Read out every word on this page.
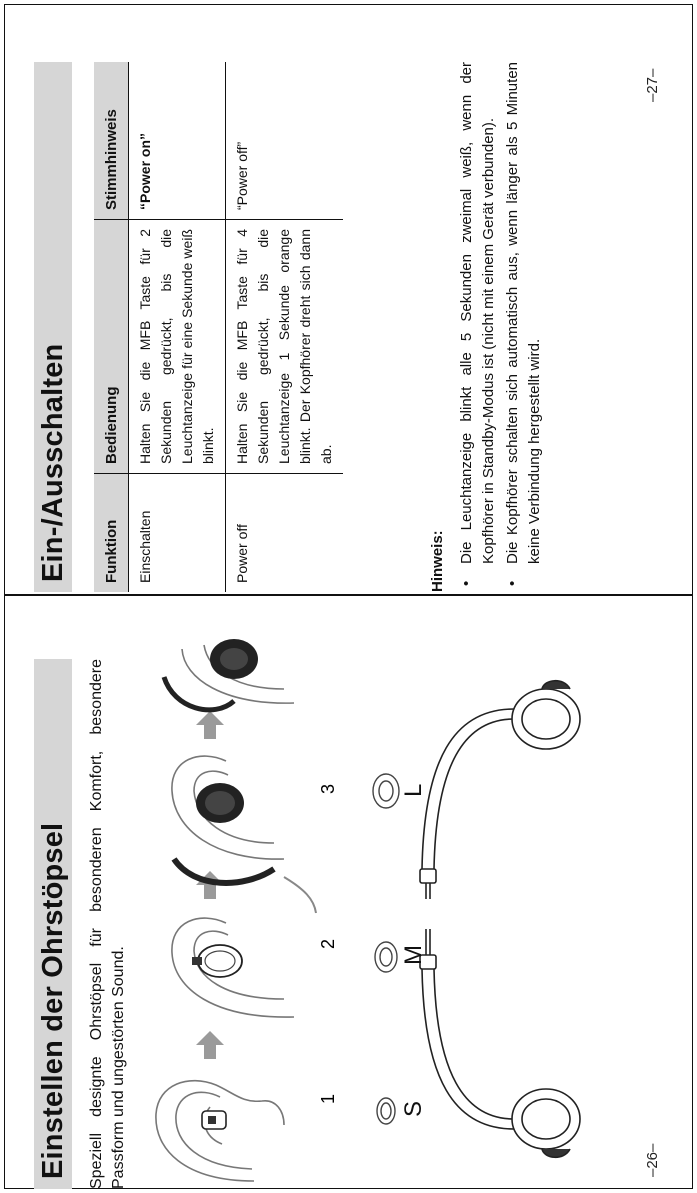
Ein-/Ausschalten Funktion	Bedienung	Stimmhinweis
Einschalten	Halten Sie die MFB Taste für 2 Sekunden gedrückt, bis die Leuchtanzeige für eine Sekunde weiß blinkt.	“Power on”
Power off	Halten Sie die MFB Taste für 4 Sekunden gedrückt, bis die Leuchtanzeige 1 Sekunde orange blinkt. Der Kopfhörer dreht sich dann ab.	“Power off”
Hinweis: • Die Leuchtanzeige blinkt alle 5 Sekunden zweimal weiß, wenn der Kopfhörer in Standby-Modus ist (nicht mit einem Gerät verbunden). • Die Kopfhörer schalten sich automatisch aus, wenn länger als 5 Minuten keine Verbindung hergestellt wird.
–27–
Einstellen der Ohrstöpsel Speziell designte Ohrstöpsel für besonderen Komfort, besondere Passform und ungestörten Sound.	1
2
3
S
M
L
–26–
